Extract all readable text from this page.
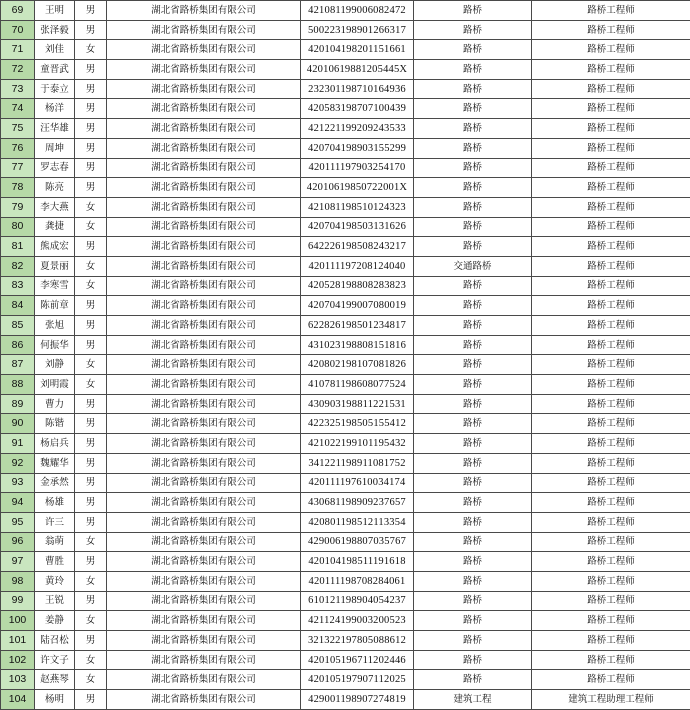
69	王明	男	湖北省路桥集团有限公司	421081199006082472	路桥	路桥工程师
70	张泽毅	男	湖北省路桥集团有限公司	500223198901266317	路桥	路桥工程师
71	刘佳	女	湖北省路桥集团有限公司	420104198201151661	路桥	路桥工程师
72	童晋武	男	湖北省路桥集团有限公司	42010619881205445X	路桥	路桥工程师
73	于泰立	男	湖北省路桥集团有限公司	232301198710164936	路桥	路桥工程师
74	杨洋	男	湖北省路桥集团有限公司	420583198707100439	路桥	路桥工程师
75	汪华雄	男	湖北省路桥集团有限公司	421221199209243533	路桥	路桥工程师
76	周坤	男	湖北省路桥集团有限公司	420704198903155299	路桥	路桥工程师
77	罗志春	男	湖北省路桥集团有限公司	420111197903254170	路桥	路桥工程师
78	陈亮	男	湖北省路桥集团有限公司	42010619850722001X	路桥	路桥工程师
79	李大燕	女	湖北省路桥集团有限公司	421081198510124323	路桥	路桥工程师
80	龚捷	女	湖北省路桥集团有限公司	420704198503131626	路桥	路桥工程师
81	熊成宏	男	湖北省路桥集团有限公司	642226198508243217	路桥	路桥工程师
82	夏景丽	女	湖北省路桥集团有限公司	420111197208124040	交通路桥	路桥工程师
83	李寒雪	女	湖北省路桥集团有限公司	420528198808283823	路桥	路桥工程师
84	陈前章	男	湖北省路桥集团有限公司	420704199007080019	路桥	路桥工程师
85	张旭	男	湖北省路桥集团有限公司	622826198501234817	路桥	路桥工程师
86	何振华	男	湖北省路桥集团有限公司	431023198808151816	路桥	路桥工程师
87	刘静	女	湖北省路桥集团有限公司	420802198107081826	路桥	路桥工程师
88	刘明霞	女	湖北省路桥集团有限公司	410781198608077524	路桥	路桥工程师
89	曹力	男	湖北省路桥集团有限公司	430903198811221531	路桥	路桥工程师
90	陈锴	男	湖北省路桥集团有限公司	422325198505155412	路桥	路桥工程师
91	杨启兵	男	湖北省路桥集团有限公司	421022199101195432	路桥	路桥工程师
92	魏耀华	男	湖北省路桥集团有限公司	341221198911081752	路桥	路桥工程师
93	金承然	男	湖北省路桥集团有限公司	420111197610034174	路桥	路桥工程师
94	杨雄	男	湖北省路桥集团有限公司	430681198909237657	路桥	路桥工程师
95	许三	男	湖北省路桥集团有限公司	420801198512113354	路桥	路桥工程师
96	翁萌	女	湖北省路桥集团有限公司	429006198807035767	路桥	路桥工程师
97	曹胜	男	湖北省路桥集团有限公司	420104198511191618	路桥	路桥工程师
98	黄玲	女	湖北省路桥集团有限公司	420111198708284061	路桥	路桥工程师
99	王锐	男	湖北省路桥集团有限公司	610121198904054237	路桥	路桥工程师
100	姜静	女	湖北省路桥集团有限公司	421124199003200523	路桥	路桥工程师
101	陆召松	男	湖北省路桥集团有限公司	321322197805088612	路桥	路桥工程师
102	许文子	女	湖北省路桥集团有限公司	420105196711202446	路桥	路桥工程师
103	赵燕琴	女	湖北省路桥集团有限公司	420105197907112025	路桥	路桥工程师
104	杨明	男	湖北省路桥集团有限公司	429001198907274819	建筑工程	建筑工程助理工程师
